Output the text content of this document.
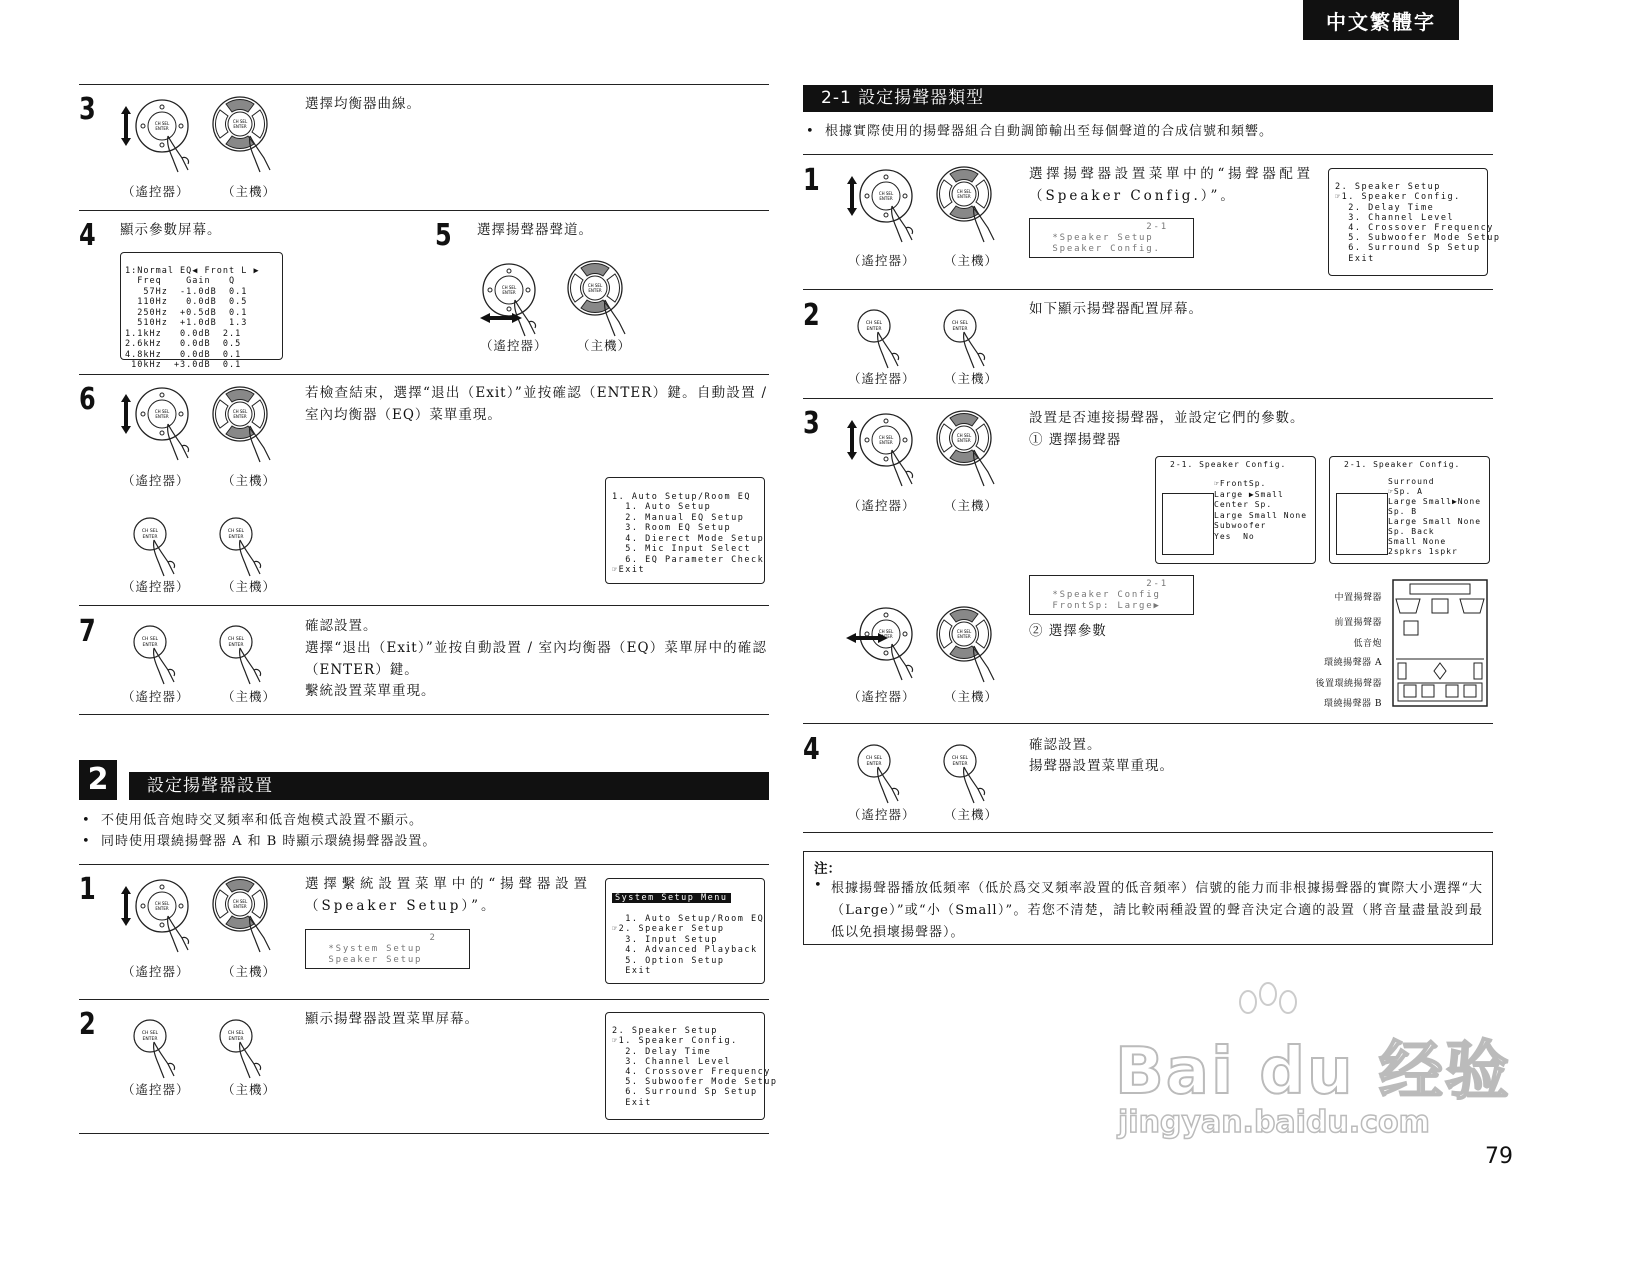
中文繁體字
3
（遙控器）	（主機）
選擇均衡器曲線。
4 顯示參數屏幕。

1:Normal EQ◀ Front L ▶
Freq    Gain   Q
57Hz  -1.0dB  0.1
110Hz   0.0dB  0.5
250Hz  +0.5dB  0.1
510Hz  +1.0dB  1.3
1.1kHz   0.0dB  2.1
2.6kHz   0.0dB  0.5
4.8kHz   0.0dB  0.1
10kHz  +3.0dB  0.1
5 選擇揚聲器聲道。
（遙控器） （主機）
6
（遙控器）	（主機）
（遙控器）	（主機）
若檢查結束，選擇“退出（Exit）”並按確認（ENTER）鍵。自動設置 / 室內均衡器（EQ）菜單重現。

1. Auto Setup/Room EQ
1. Auto Setup
2. Manual EQ Setup
3. Room EQ Setup
4. Dierect Mode Setup
5. Mic Input Select
6. EQ Parameter Check
☞Exit
7
（遙控器）	（主機）
確認設置。
選擇“退出（Exit）”並按自動設置 / 室內均衡器（EQ）菜單屏中的確認（ENTER）鍵。
繫統設置菜單重現。
2	設定揚聲器設置
•  不使用低音炮時交叉頻率和低音炮模式設置不顯示。
•  同時使用環繞揚聲器 A 和 B 時顯示環繞揚聲器設置。
1
（遙控器）	（主機）
選擇繫統設置菜單中的“揚聲器設置（Speaker Setup）”。
2
*System Setup
Speaker Setup

System Setup Menu

1. Auto Setup/Room EQ
☞2. Speaker Setup
3. Input Setup
4. Advanced Playback
5. Option Setup
Exit
2
（遙控器）	（主機）
顯示揚聲器設置菜單屏幕。

2. Speaker Setup
☞1. Speaker Config.
2. Delay Time
3. Channel Level
4. Crossover Frequency
5. Subwoofer Mode Setup
6. Surround Sp Setup
Exit
2-1 設定揚聲器類型
•  根據實際使用的揚聲器組合自動調節輸出至每個聲道的合成信號和頻響。
1
（遙控器） （主機）
選擇揚聲器設置菜單中的“揚聲器配置（Speaker Config.）”。
2-1
*Speaker Setup
Speaker Config.

2. Speaker Setup
☞1. Speaker Config.
2. Delay Time
3. Channel Level
4. Crossover Frequency
5. Subwoofer Mode Setup
6. Surround Sp Setup
Exit
2
（遙控器） （主機）
如下顯示揚聲器配置屏幕。
3
（遙控器） （主機）
（遙控器） （主機）
設置是否連接揚聲器，並設定它們的參數。
① 選擇揚聲器
② 選擇參數
2-1
*Speaker Config
FrontSp: Large▶
2-1. Speaker Config.
☞FrontSp.
Large ▶Small
Center Sp.
Large Small None
Subwoofer
Yes  No
2-1. Speaker Config.
Surround
☞Sp. A
Large Small▶None
Sp. B
Large Small None
Sp. Back
Small None
2spkrs 1spkr
中置揚聲器
前置揚聲器
低音炮
環繞揚聲器 A
後置環繞揚聲器
環繞揚聲器 B
4
（遙控器） （主機）
確認設置。
揚聲器設置菜單重現。
注：
• 根據揚聲器播放低頻率（低於爲交叉頻率設置的低音頻率）信號的能力而非根據揚聲器的實際大小選擇“大（Large）”或“小（Small）”。若您不清楚，請比較兩種設置的聲音決定合適的設置（將音量盡量設到最低以免損壞揚聲器）。
Bai du 经验
jingyan.baidu.com
79
